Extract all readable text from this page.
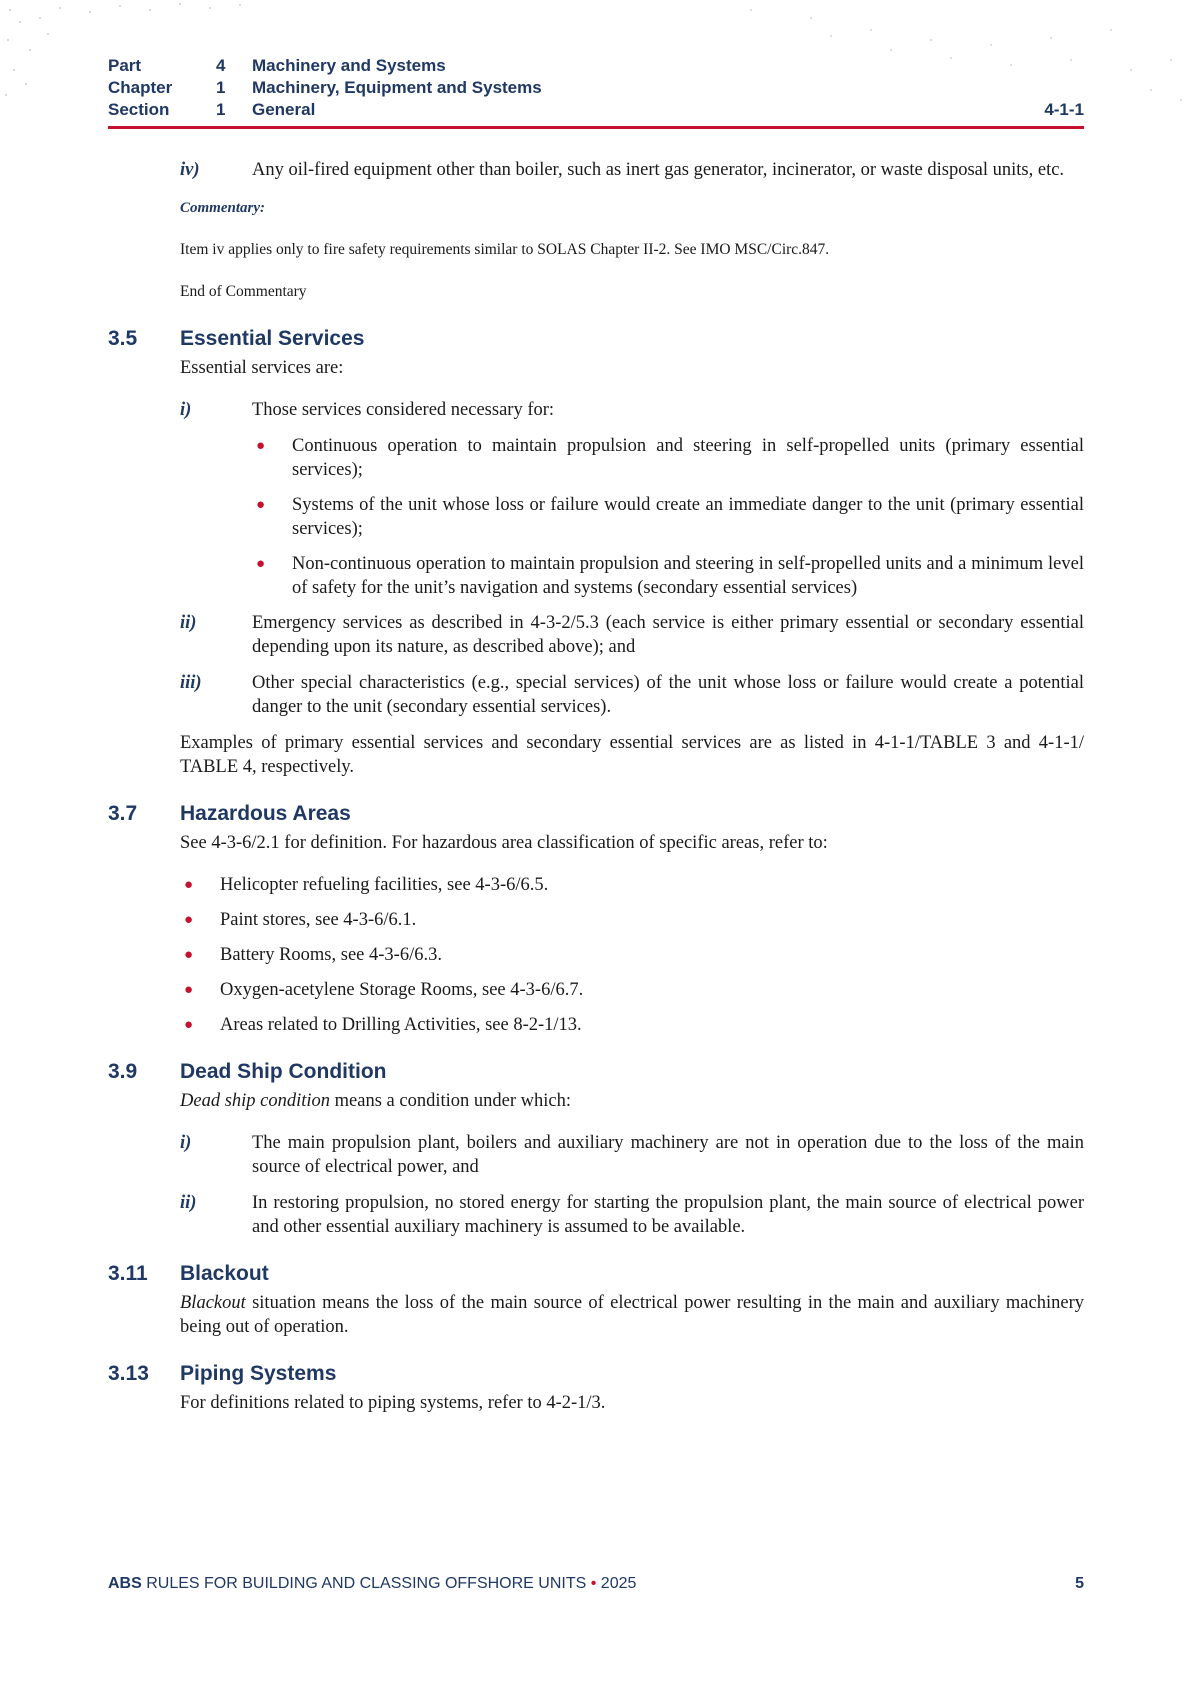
Part	4	Machinery and Systems
Chapter	1	Machinery, Equipment and Systems
Section	1	General	4-1-1
iv)	Any oil-fired equipment other than boiler, such as inert gas generator, incinerator, or waste disposal units, etc.
Commentary:
Item iv applies only to fire safety requirements similar to SOLAS Chapter II-2. See IMO MSC/Circ.847.
End of Commentary
3.5	Essential Services
Essential services are:
i)	Those services considered necessary for:
●	Continuous operation to maintain propulsion and steering in self-propelled units (primary essential services);
●	Systems of the unit whose loss or failure would create an immediate danger to the unit (primary essential services);
●	Non-continuous operation to maintain propulsion and steering in self-propelled units and a minimum level of safety for the unit’s navigation and systems (secondary essential services)
ii)	Emergency services as described in 4-3-2/5.3 (each service is either primary essential or secondary essential depending upon its nature, as described above); and
iii)	Other special characteristics (e.g., special services) of the unit whose loss or failure would create a potential danger to the unit (secondary essential services).
Examples of primary essential services and secondary essential services are as listed in 4-1-1/TABLE 3 and 4-1-1/ TABLE 4, respectively.
3.7	Hazardous Areas
See 4-3-6/2.1 for definition. For hazardous area classification of specific areas, refer to:
●	Helicopter refueling facilities, see 4-3-6/6.5.
●	Paint stores, see 4-3-6/6.1.
●	Battery Rooms, see 4-3-6/6.3.
●	Oxygen-acetylene Storage Rooms, see 4-3-6/6.7.
●	Areas related to Drilling Activities, see 8-2-1/13.
3.9	Dead Ship Condition
Dead ship condition means a condition under which:
i)	The main propulsion plant, boilers and auxiliary machinery are not in operation due to the loss of the main source of electrical power, and
ii)	In restoring propulsion, no stored energy for starting the propulsion plant, the main source of electrical power and other essential auxiliary machinery is assumed to be available.
3.11	Blackout
Blackout situation means the loss of the main source of electrical power resulting in the main and auxiliary machinery being out of operation.
3.13	Piping Systems
For definitions related to piping systems, refer to 4-2-1/3.
ABS RULES FOR BUILDING AND CLASSING OFFSHORE UNITS • 2025	5
